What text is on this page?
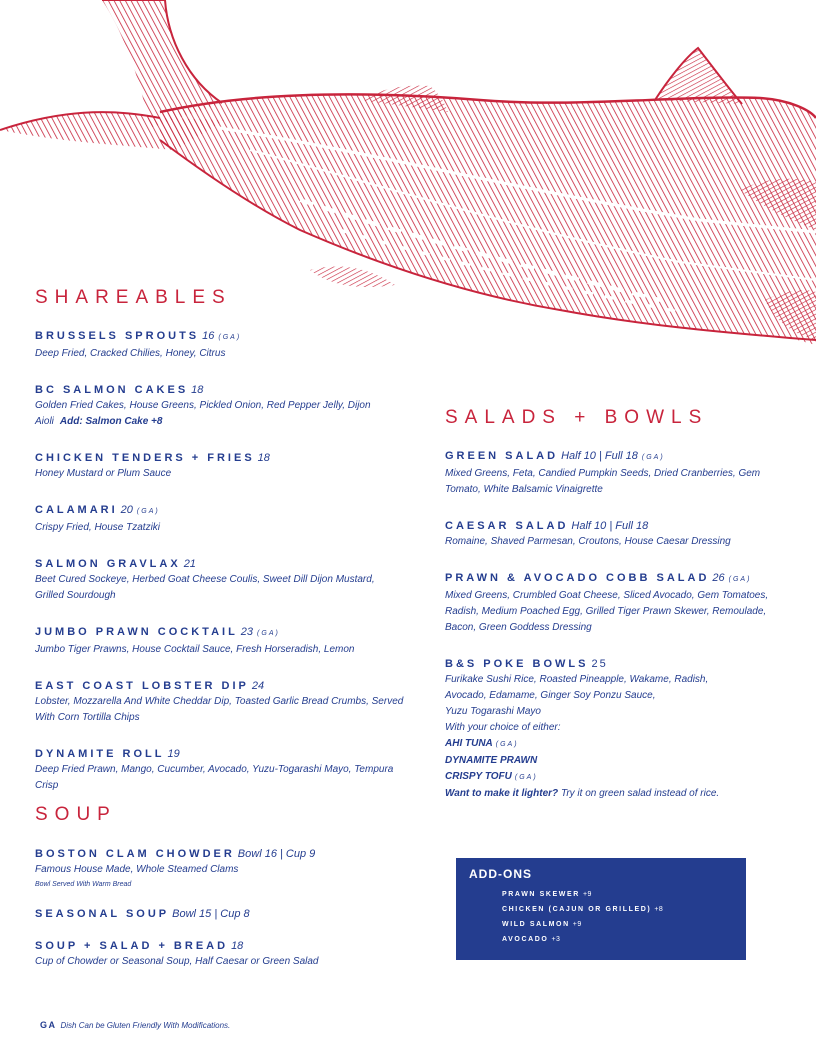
SHAREABLES
BRUSSELS SPROUTS 16 (GA)

Deep Fried, Cracked Chilies, Honey, Citrus

BC SALMON CAKES 18

Golden Fried Cakes, House Greens, Pickled Onion, Red Pepper Jelly, Dijon Aioli Add: Salmon Cake +8

CHICKEN TENDERS + FRIES 18

Honey Mustard or Plum Sauce

CALAMARI 20 (GA)

Crispy Fried, House Tzatziki

SALMON GRAVLAX 21

Beet Cured Sockeye, Herbed Goat Cheese Coulis, Sweet Dill Dijon Mustard, Grilled Sourdough

JUMBO PRAWN COCKTAIL 23 (GA)

Jumbo Tiger Prawns, House Cocktail Sauce, Fresh Horseradish, Lemon

EAST COAST LOBSTER DIP 24

Lobster, Mozzarella And White Cheddar Dip, Toasted Garlic Bread Crumbs, Served With Corn Tortilla Chips

DYNAMITE ROLL 19

Deep Fried Prawn, Mango, Cucumber, Avocado, Yuzu-Togarashi Mayo, Tempura Crisp

SOUP
BOSTON CLAM CHOWDER Bowl 16 | Cup 9

Famous House Made, Whole Steamed Clams

Bowl Served With Warm Bread

SEASONAL SOUP Bowl 15 | Cup 8
SOUP + SALAD + BREAD 18

Cup of Chowder or Seasonal Soup, Half Caesar or Green Salad

SALADS + BOWLS
GREEN SALAD Half 10 | Full 18 (GA)

Mixed Greens, Feta, Candied Pumpkin Seeds, Dried Cranberries, Gem Tomato, White Balsamic Vinaigrette

CAESAR SALAD Half 10 | Full 18

Romaine, Shaved Parmesan, Croutons, House Caesar Dressing

PRAWN & AVOCADO COBB SALAD 26 (GA)

Mixed Greens, Crumbled Goat Cheese, Sliced Avocado, Gem Tomatoes, Radish, Medium Poached Egg, Grilled Tiger Prawn Skewer, Remoulade, Bacon, Green Goddess Dressing

B&S POKE BOWLS 25

Furikake Sushi Rice, Roasted Pineapple, Wakame, Radish,

Avocado, Edamame, Ginger Soy Ponzu Sauce,

Yuzu Togarashi Mayo

With your choice of either:

AHI TUNA (GA)

DYNAMITE PRAWN

CRISPY TOFU (GA)

Want to make it lighter? Try it on green salad instead of rice.

ADD-ONS
PRAWN SKEWER +9
CHICKEN (CAJUN OR GRILLED) +8
WILD SALMON +9
AVOCADO +3
GA Dish Can be Gluten Friendly With Modifications.
